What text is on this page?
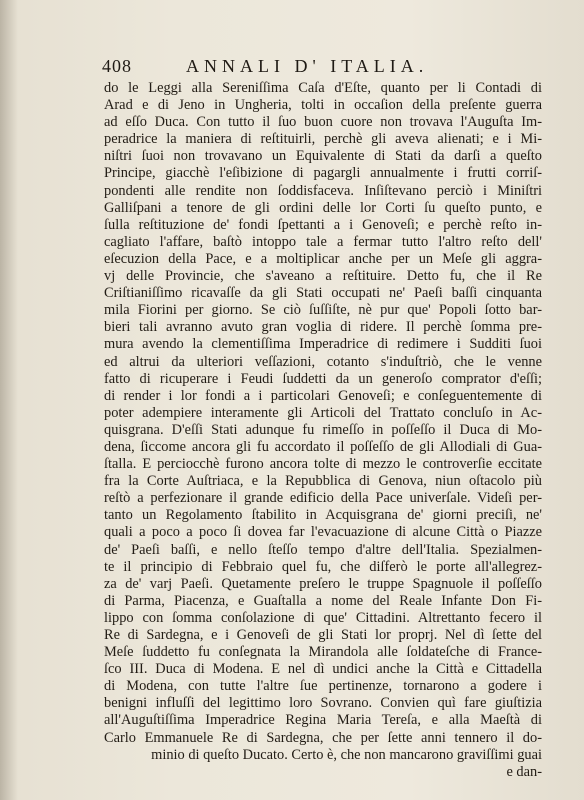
408	ANNALI D' ITALIA.
do le Leggi alla Sereniſſima Caſa d'Eſte, quanto per li Contadi di
Arad e di Jeno in Ungheria, tolti in occaſion della preſente guerra
ad eſſo Duca. Con tutto il ſuo buon cuore non trovava l'Auguſta Im-
peradrice la maniera di reſtituirli, perchè gli aveva alienati; e i Mi-
niſtri ſuoi non trovavano un Equivalente di Stati da darſi a queſto
Principe, giacchè l'eſibizione di pagargli annualmente i frutti corriſ-
pondenti alle rendite non ſoddisfaceva. Inſiſtevano perciò i Miniſtri
Galliſpani a tenore de gli ordini delle lor Corti ſu queſto punto, e
ſulla reſtituzione de' fondi ſpettanti a i Genoveſi; e perchè reſto in-
cagliato l'affare, baſtò intoppo tale a fermar tutto l'altro reſto dell'
eſecuzion della Pace, e a moltiplicar anche per un Meſe gli aggra-
vj delle Provincie, che s'aveano a reſtituire. Detto fu, che il Re
Criſtianiſſimo ricavaſſe da gli Stati occupati ne' Paeſi baſſi cinquanta
mila Fiorini per giorno. Se ciò ſuſſiſte, nè pur que' Popoli ſotto bar-
bieri tali avranno avuto gran voglia di ridere. Il perchè ſomma pre-
mura avendo la clementiſſima Imperadrice di redimere i Sudditi ſuoi
ed altrui da ulteriori veſſazioni, cotanto s'induſtriò, che le venne
fatto di ricuperare i Feudi ſuddetti da un generoſo comprator d'eſſi;
di render i lor fondi a i particolari Genoveſi; e conſeguentemente di
poter adempiere interamente gli Articoli del Trattato concluſo in Ac-
quisgrana. D'eſſi Stati adunque fu rimeſſo in poſſeſſo il Duca di Mo-
dena, ſiccome ancora gli fu accordato il poſſeſſo de gli Allodiali di Gua-
ſtalla. E perciocchè furono ancora tolte di mezzo le controverſie eccitate
fra la Corte Auſtriaca, e la Repubblica di Genova, niun oſtacolo più
reſtò a perfezionare il grande edificio della Pace univerſale. Videſi per-
tanto un Regolamento ſtabilito in Acquisgrana de' giorni preciſi, ne'
quali a poco a poco ſi dovea far l'evacuazione di alcune Città o Piazze
de' Paeſi baſſi, e nello ſteſſo tempo d'altre dell'Italia. Spezialmen-
te il principio di Febbraio quel fu, che diſferò le porte all'allegrez-
za de' varj Paeſi. Quetamente preſero le truppe Spagnuole il poſſeſſo
di Parma, Piacenza, e Guaſtalla a nome del Reale Infante Don Fi-
lippo con ſomma conſolazione di que' Cittadini. Altrettanto fecero il
Re di Sardegna, e i Genoveſi de gli Stati lor proprj. Nel dì ſette del
Meſe ſuddetto fu conſegnata la Mirandola alle ſoldateſche di France-
ſco III. Duca di Modena. E nel dì undici anche la Città e Cittadella
di Modena, con tutte l'altre ſue pertinenze, tornarono a godere i
benigni influſſi del legittimo loro Sovrano. Convien quì fare giuſtizia
all'Auguſtiſſima Imperadrice Regina Maria Tereſa, e alla Maeſtà di
Carlo Emmanuele Re di Sardegna, che per ſette anni tennero il do-
minio di queſto Ducato. Certo è, che non mancarono graviſſimi guai
e dan-
